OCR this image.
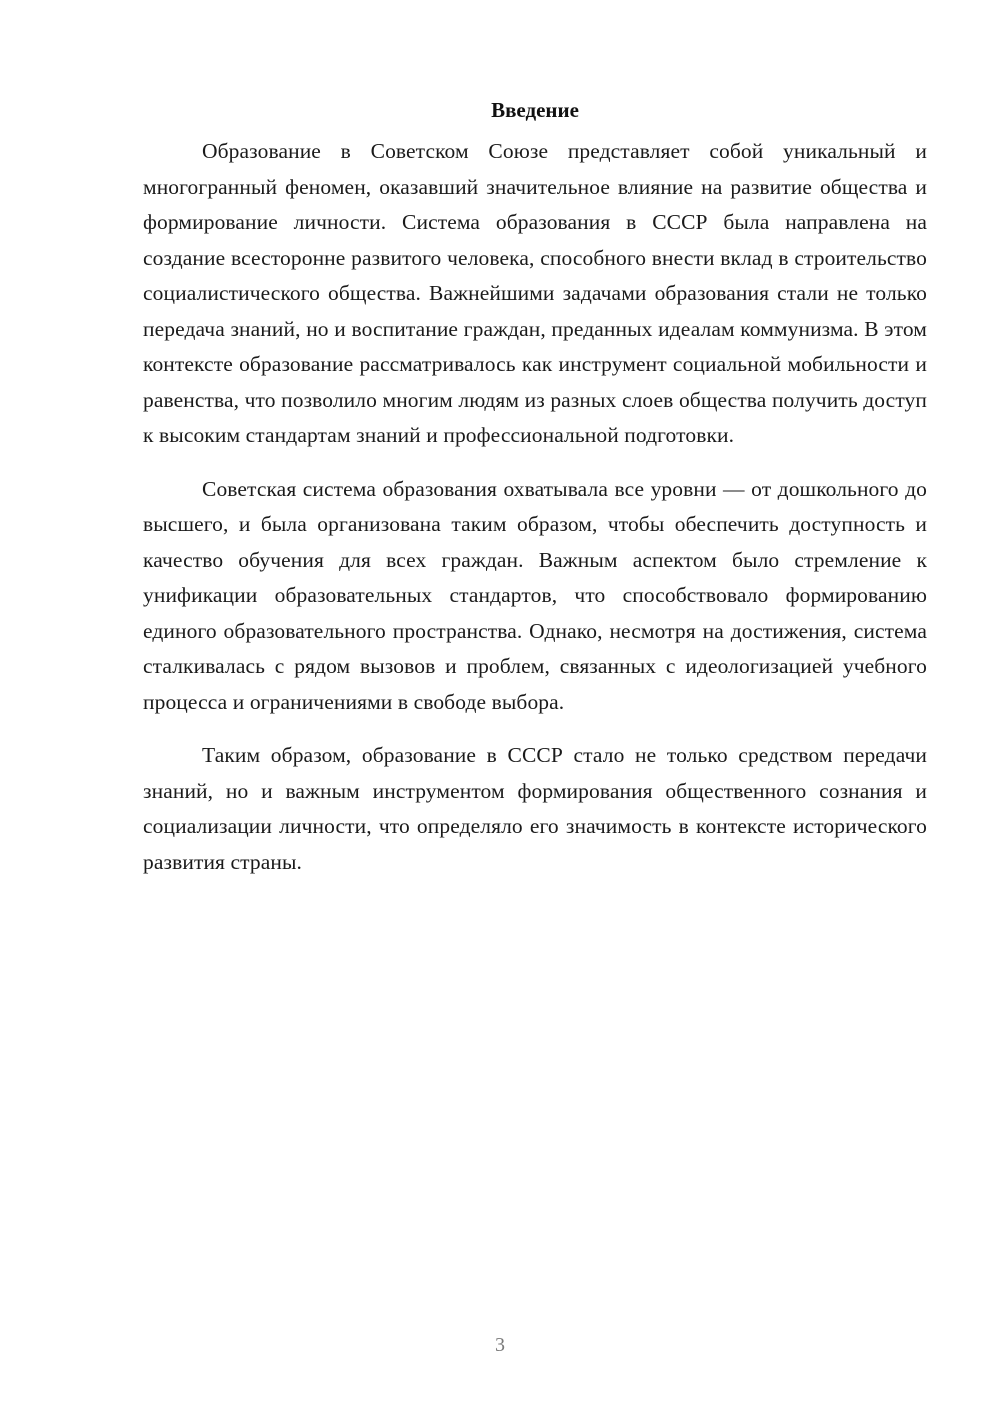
Введение

Образование в Советском Союзе представляет собой уникальный и многогранный феномен, оказавший значительное влияние на развитие общества и формирование личности. Система образования в СССР была направлена на создание всесторонне развитого человека, способного внести вклад в строительство социалистического общества. Важнейшими задачами образования стали не только передача знаний, но и воспитание граждан, преданных идеалам коммунизма. В этом контексте образование рассматривалось как инструмент социальной мобильности и равенства, что позволило многим людям из разных слоев общества получить доступ к высоким стандартам знаний и профессиональной подготовки.

Советская система образования охватывала все уровни — от дошкольного до высшего, и была организована таким образом, чтобы обеспечить доступность и качество обучения для всех граждан. Важным аспектом было стремление к унификации образовательных стандартов, что способствовало формированию единого образовательного пространства. Однако, несмотря на достижения, система сталкивалась с рядом вызовов и проблем, связанных с идеологизацией учебного процесса и ограничениями в свободе выбора.

Таким образом, образование в СССР стало не только средством передачи знаний, но и важным инструментом формирования общественного сознания и социализации личности, что определяло его значимость в контексте исторического развития страны.

3
